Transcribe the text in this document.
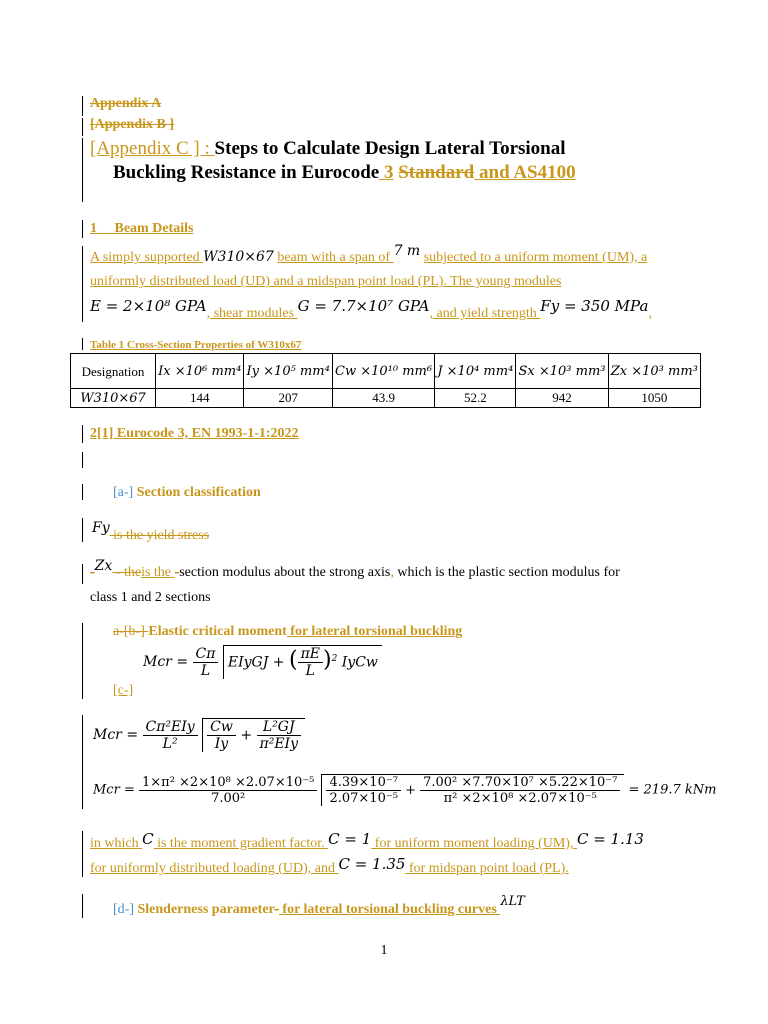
Appendix A
[Appendix B ]
[Appendix C ] : Steps to Calculate Design Lateral Torsional
Buckling Resistance in Eurocode 3 Standard and AS4100
1     Beam Details
A simply supported W310×67 beam with a span of 7 m subjected to a uniform moment (UM), a
uniformly distributed load (UD) and a midspan point load (PL). The young modules
E = 2×10⁸ GPA, shear modules G = 7.7×10⁷ GPA, and yield strength Fy = 350 MPa,
Table 1 Cross-Section Properties of W310x67
Designation	Ix ×10⁶ mm⁴	Iy ×10⁵ mm⁴	Cw ×10¹⁰ mm⁶	J ×10⁴ mm⁴	Sx ×10³ mm³	Zx ×10³ mm³
W310×67	144	207	43.9	52.2	942	1050
2[1] Eurocode 3, EN 1993-1-1:2022
[a-] Section classification
Fy is the yield stress
-Zx - theis the -section modulus about the strong axis, which is the plastic section modulus for
class 1 and 2 sections
a-[b-] Elastic critical moment for lateral torsional buckling
[c-]
Mcr = $\frac{C\pi}{L}$ EIyGJ + ( $\frac{\pi E}{L} )^2$ IyCw
Mcr = $\frac{\text{Cπ²EIy}}{\text{L²}}$
$\frac{Cw}{Iy} + \frac{\text{L²GJ}}{\text{π²EIy}}$
Mcr = $\frac{\text{1×π² ×2×10⁸ ×2.07×10⁻⁵}}{\text{7.00²}}$
$\frac{\text{4.39×10⁻⁷}}{\text{2.07×10⁻⁵}} + \frac{\text{7.00² ×7.70×10⁷ ×5.22×10⁻⁷}}{\text{π² ×2×10⁸ ×2.07×10⁻⁵}} = 219.7$ kNm
in which C is the moment gradient factor. C = 1 for uniform moment loading (UM), C = 1.13
for uniformly distributed loading (UD), and C = 1.35 for midspan point load (PL).
[d-] Slenderness parameter- for lateral torsional buckling curves λLT
1
